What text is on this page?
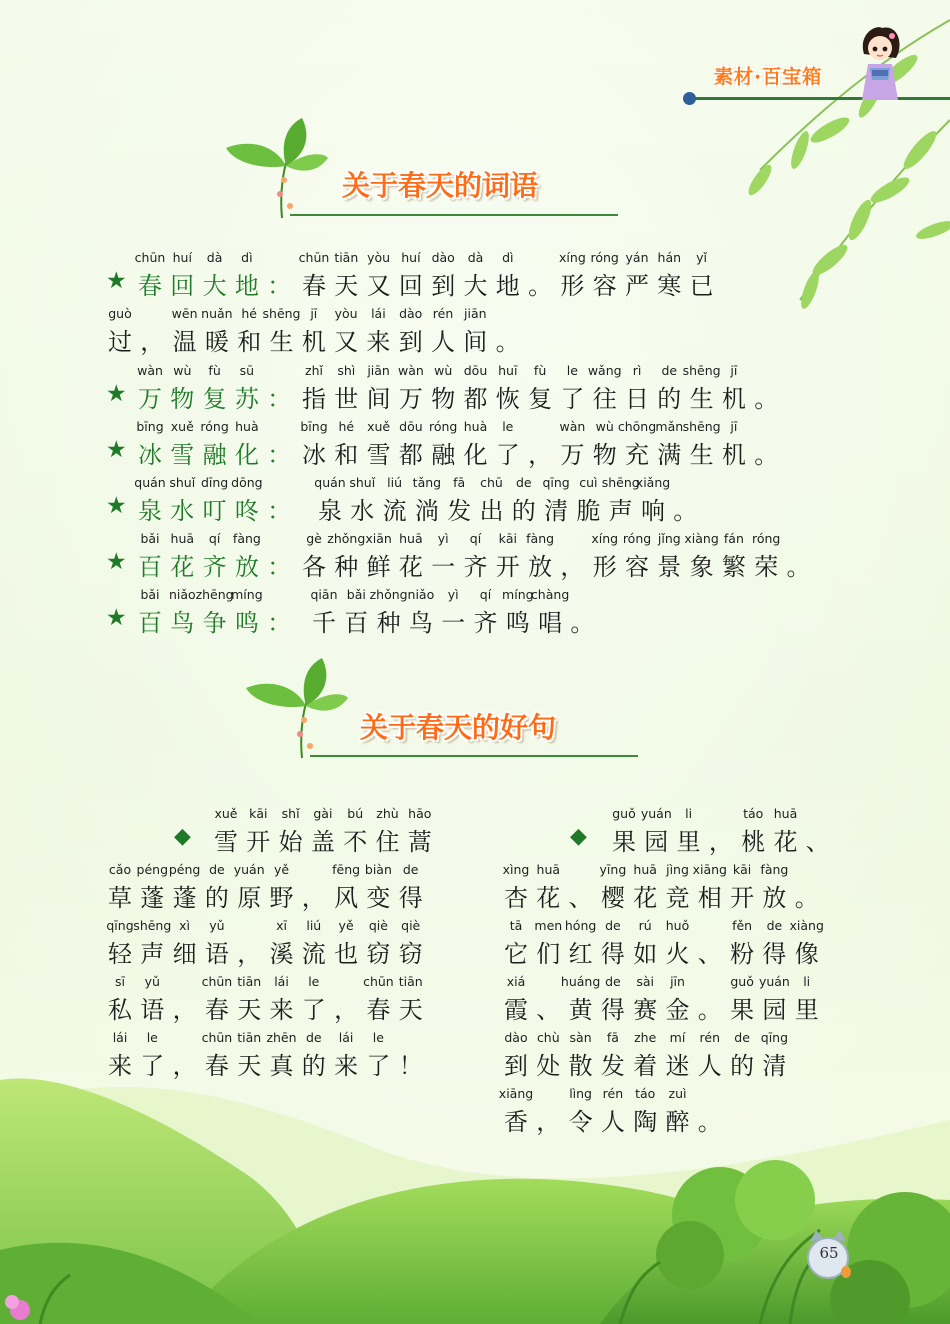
素材·百宝箱
关于春天的词语
关于春天的好句
★ 春
chūn
回
huí
大
dà
地
dì
： 春
chūn
天
tiān
又
yòu
回
huí
到
dào
大
dà
地
dì
。 形
xíng
容
róng
严
yán
寒
hán
已
yǐ
过
guò
， 温
wēn
暖
nuǎn
和
hé
生
shēng
机
jī
又
yòu
来
lái
到
dào
人
rén
间
jiān
。
★ 万
wàn
物
wù
复
fù
苏
sū
： 指
zhǐ
世
shì
间
jiān
万
wàn
物
wù
都
dōu
恢
huī
复
fù
了
le
往
wǎng
日
rì
的
de
生
shēng
机
jī
。
★ 冰
bīng
雪
xuě
融
róng
化
huà
： 冰
bīng
和
hé
雪
xuě
都
dōu
融
róng
化
huà
了
le
， 万
wàn
物
wù
充
chōng
满
mǎn
生
shēng
机
jī
。
★ 泉
quán
水
shuǐ
叮
dīng
咚
dōng
： 泉
quán
水
shuǐ
流
liú
淌
tǎng
发
fā
出
chū
的
de
清
qīng
脆
cuì
声
shēng
响
xiǎng
。
★ 百
bǎi
花
huā
齐
qí
放
fàng
： 各
gè
种
zhǒng
鲜
xiān
花
huā
一
yì
齐
qí
开
kāi
放
fàng
， 形
xíng
容
róng
景
jǐng
象
xiàng
繁
fán
荣
róng
。
★ 百
bǎi
鸟
niǎo
争
zhēng
鸣
míng
： 千
qiān
百
bǎi
种
zhǒng
鸟
niǎo
一
yì
齐
qí
鸣
míng
唱
chàng
。
◆ 雪
xuě
开
kāi
始
shǐ
盖
gài
不
bú
住
zhù
蒿
hāo
草
cǎo
蓬
péng
蓬
péng
的
de
原
yuán
野
yě
， 风
fēng
变
biàn
得
de
轻
qīng
声
shēng
细
xì
语
yǔ
， 溪
xī
流
liú
也
yě
窃
qiè
窃
qiè
私
sī
语
yǔ
， 春
chūn
天
tiān
来
lái
了
le
， 春
chūn
天
tiān
来
lái
了
le
， 春
chūn
天
tiān
真
zhēn
的
de
来
lái
了
le
！
◆ 果
guǒ
园
yuán
里
li
， 桃
táo
花
huā
、
杏
xìng
花
huā
、 樱
yīng
花
huā
竞
jìng
相
xiāng
开
kāi
放
fàng
。
它
tā
们
men
红
hóng
得
de
如
rú
火
huǒ
、 粉
fěn
得
de
像
xiàng
霞
xiá
、 黄
huáng
得
de
赛
sài
金
jīn
。 果
guǒ
园
yuán
里
li
到
dào
处
chù
散
sàn
发
fā
着
zhe
迷
mí
人
rén
的
de
清
qīng
香
xiāng
， 令
lìng
人
rén
陶
táo
醉
zuì
。
65
